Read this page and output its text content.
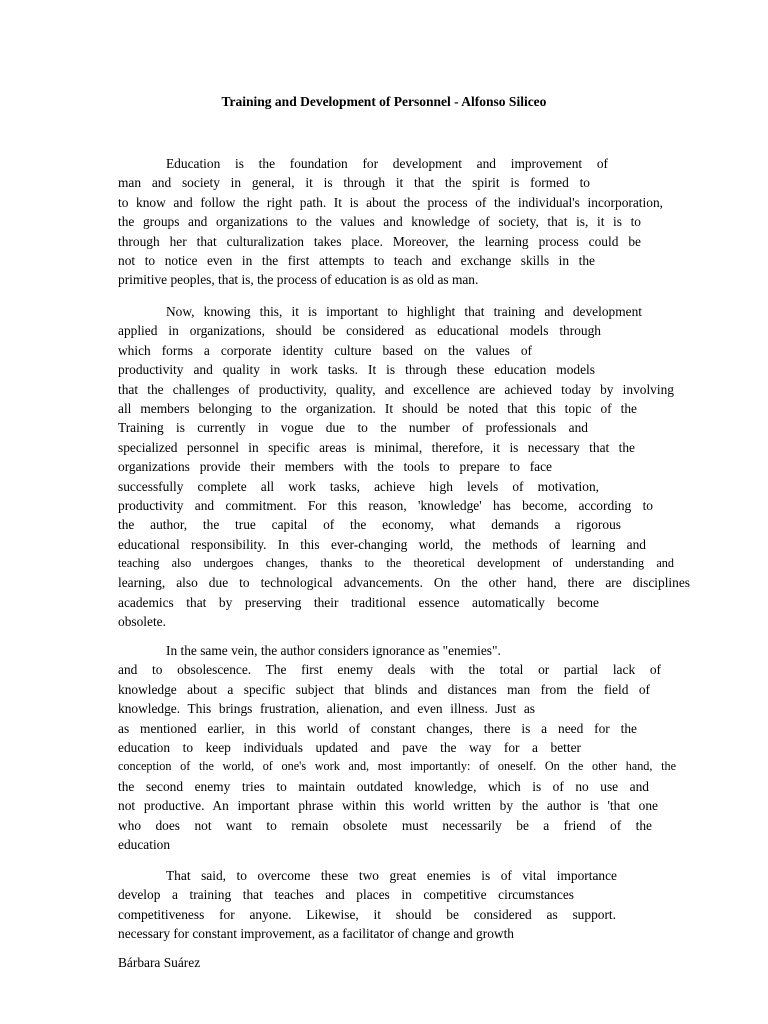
Training and Development of Personnel - Alfonso Siliceo
Education is the foundation for development and improvement of
man and society in general, it is through it that the spirit is formed to
to know and follow the right path. It is about the process of the individual's incorporation,
the groups and organizations to the values and knowledge of society, that is, it is to
through her that culturalization takes place. Moreover, the learning process could be
not to notice even in the first attempts to teach and exchange skills in the
primitive peoples, that is, the process of education is as old as man.
Now, knowing this, it is important to highlight that training and development
applied in organizations, should be considered as educational models through
which forms a corporate identity culture based on the values of
productivity and quality in work tasks. It is through these education models
that the challenges of productivity, quality, and excellence are achieved today by involving
all members belonging to the organization. It should be noted that this topic of the
Training is currently in vogue due to the number of professionals and
specialized personnel in specific areas is minimal, therefore, it is necessary that the
organizations provide their members with the tools to prepare to face
successfully complete all work tasks, achieve high levels of motivation,
productivity and commitment. For this reason, 'knowledge' has become, according to
the author, the true capital of the economy, what demands a rigorous
educational responsibility. In this ever-changing world, the methods of learning and
teaching also undergoes changes, thanks to the theoretical development of understanding and
learning, also due to technological advancements. On the other hand, there are disciplines
academics that by preserving their traditional essence automatically become
obsolete.
In the same vein, the author considers ignorance as "enemies".
and to obsolescence. The first enemy deals with the total or partial lack of
knowledge about a specific subject that blinds and distances man from the field of
knowledge. This brings frustration, alienation, and even illness. Just as
as mentioned earlier, in this world of constant changes, there is a need for the
education to keep individuals updated and pave the way for a better
conception of the world, of one's work and, most importantly: of oneself. On the other hand, the
the second enemy tries to maintain outdated knowledge, which is of no use and
not productive. An important phrase within this world written by the author is 'that one
who does not want to remain obsolete must necessarily be a friend of the
education
That said, to overcome these two great enemies is of vital importance
develop a training that teaches and places in competitive circumstances
competitiveness for anyone. Likewise, it should be considered as support.
necessary for constant improvement, as a facilitator of change and growth
Bárbara Suárez
